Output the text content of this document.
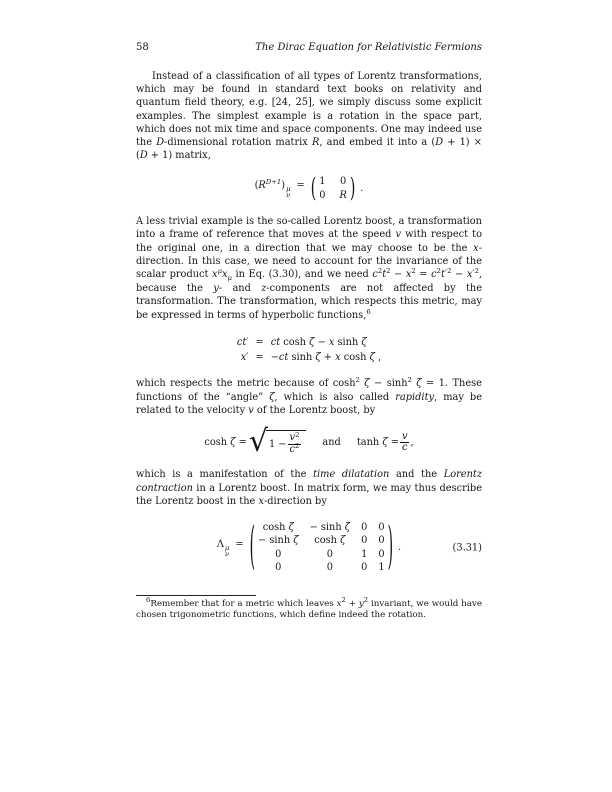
58	The Dirac Equation for Relativistic Fermions

Instead of a classification of all types of Lorentz transformations, which may be found in standard text books on relativity and quantum field theory, e.g. [24, 25], we simply discuss some explicit examples. The simplest example is a rotation in the space part, which does not mix time and space components. One may indeed use the D-dimensional rotation matrix R, and embed it into a (D + 1) × (D + 1) matrix,

$(R^{D+1})$ μ
ν
= ( 1 0
0 R ) .

A less trivial example is the so-called Lorentz boost, a transformation into a frame of reference that moves at the speed v with respect to the original one, in a direction that we may choose to be the x-direction. In this case, we need to account for the invariance of the scalar product $x^\mu x_\mu$ in Eq. (3.30), and we need $c^2t^2 - x^2 = c^2t'^2 - x'^2$, because the y- and z-components are not affected by the transformation. The transformation, which respects this metric, may be expressed in terms of hyperbolic functions,$^6$

ct′ = ct cosh ζ − x sinh ζ
x′ = −ct sinh ζ + x cosh ζ ,

which respects the metric because of $\cosh^2 \zeta - \sinh^2 \zeta = 1$. These functions of the “angle” ζ, which is also called rapidity, may be related to the velocity v of the Lorentz boost, by

cosh ζ = √ $1 - \frac{v^2}{c^2}$ and $\tanh \zeta = \frac{v}{c}$ ,

which is a manifestation of the time dilatation and the Lorentz contraction in a Lorentz boost. In matrix form, we may thus describe the Lorentz boost in the x-direction by

Λ μ
ν
= ( cosh ζ − sinh ζ 0 0
− sinh ζ cosh ζ 0 0
0	0	1 0
0	0	0 1 ) .	(3.31)

$^6$Remember that for a metric which leaves $x^2 + y^2$ invariant, we would have chosen trigonometric functions, which define indeed the rotation.
